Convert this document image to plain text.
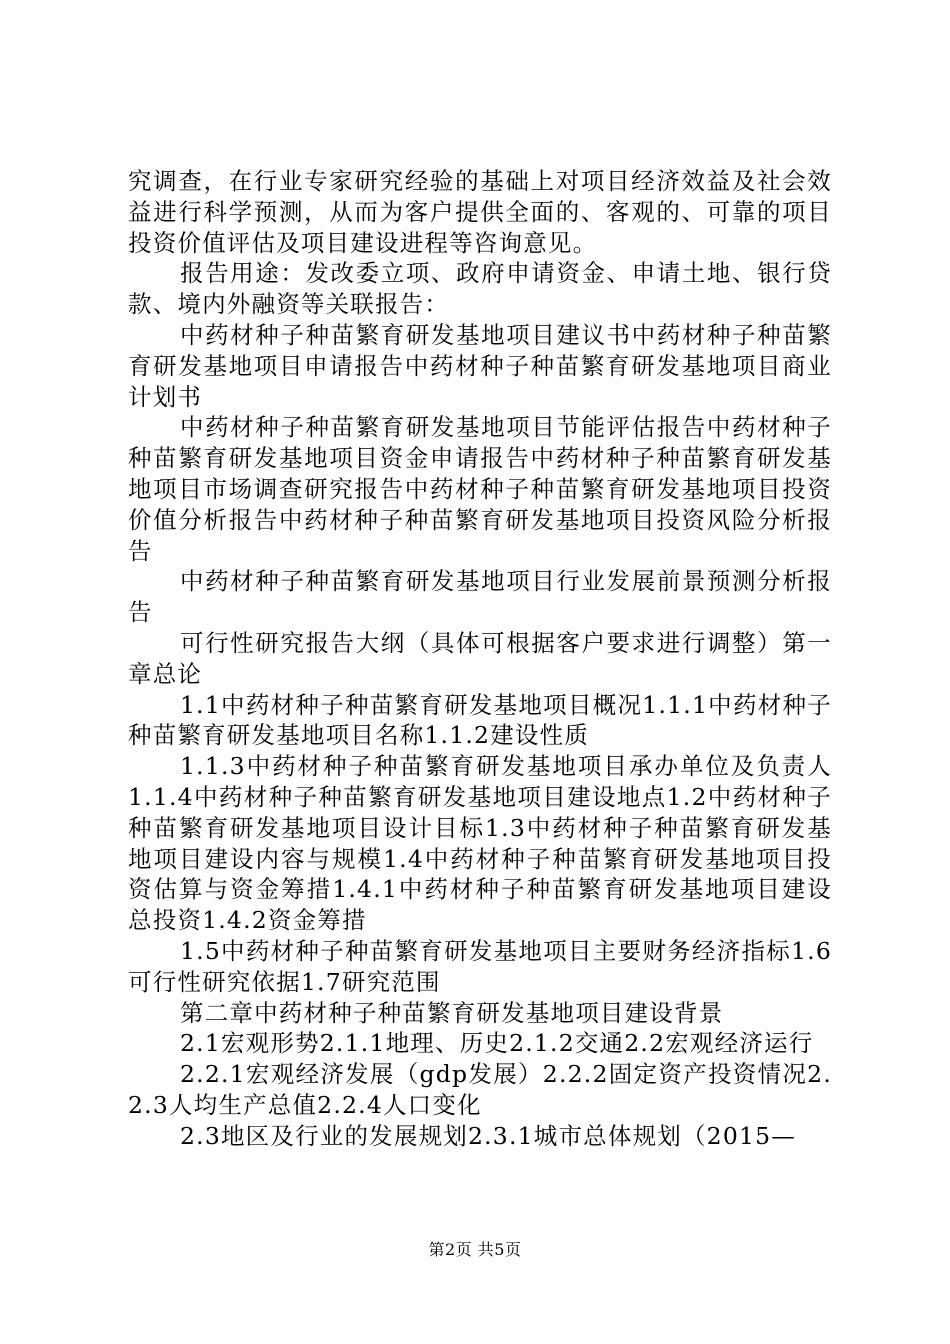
究调查，在行业专家研究经验的基础上对项目经济效益及社会效益进行科学预测，从而为客户提供全面的、客观的、可靠的项目投资价值评估及项目建设进程等咨询意见。

报告用途：发改委立项、政府申请资金、申请土地、银行贷款、境内外融资等关联报告：

中药材种子种苗繁育研发基地项目建议书中药材种子种苗繁育研发基地项目申请报告中药材种子种苗繁育研发基地项目商业计划书

中药材种子种苗繁育研发基地项目节能评估报告中药材种子种苗繁育研发基地项目资金申请报告中药材种子种苗繁育研发基地项目市场调查研究报告中药材种子种苗繁育研发基地项目投资价值分析报告中药材种子种苗繁育研发基地项目投资风险分析报告

中药材种子种苗繁育研发基地项目行业发展前景预测分析报告

可行性研究报告大纲（具体可根据客户要求进行调整）第一章总论

1.1中药材种子种苗繁育研发基地项目概况1.1.1中药材种子种苗繁育研发基地项目名称1.1.2建设性质

1.1.3中药材种子种苗繁育研发基地项目承办单位及负责人1.1.4中药材种子种苗繁育研发基地项目建设地点1.2中药材种子种苗繁育研发基地项目设计目标1.3中药材种子种苗繁育研发基地项目建设内容与规模1.4中药材种子种苗繁育研发基地项目投资估算与资金筹措1.4.1中药材种子种苗繁育研发基地项目建设总投资1.4.2资金筹措

1.5中药材种子种苗繁育研发基地项目主要财务经济指标1.6可行性研究依据1.7研究范围

第二章中药材种子种苗繁育研发基地项目建设背景

2.1宏观形势2.1.1地理、历史2.1.2交通2.2宏观经济运行

2.2.1宏观经济发展（gdp发展）2.2.2固定资产投资情况2.2.3人均生产总值2.2.4人口变化

2.3地区及行业的发展规划2.3.1城市总体规划（2015—

第2页 共5页
